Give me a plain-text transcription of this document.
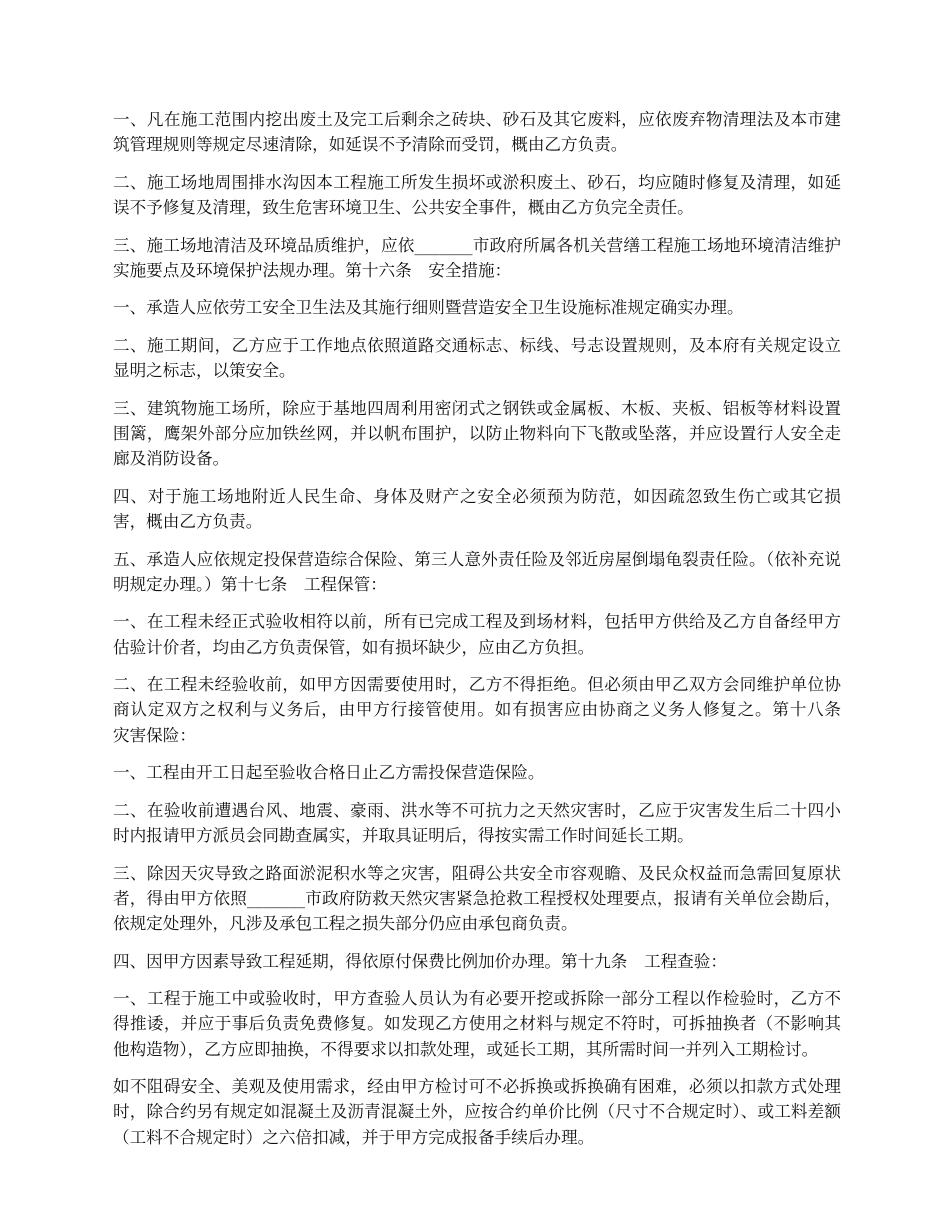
一、凡在施工范围内挖出废土及完工后剩余之砖块、砂石及其它废料，应依废弃物清理法及本市建筑管理规则等规定尽速清除，如延误不予清除而受罚，概由乙方负责。

二、施工场地周围排水沟因本工程施工所发生损坏或淤积废土、砂石，均应随时修复及清理，如延误不予修复及清理，致生危害环境卫生、公共安全事件，概由乙方负完全责任。

三、施工场地清洁及环境品质维护，应依_______市政府所属各机关营缮工程施工场地环境清洁维护实施要点及环境保护法规办理。第十六条　安全措施：

一、承造人应依劳工安全卫生法及其施行细则暨营造安全卫生设施标准规定确实办理。

二、施工期间，乙方应于工作地点依照道路交通标志、标线、号志设置规则，及本府有关规定设立显明之标志，以策安全。

三、建筑物施工场所，除应于基地四周利用密闭式之钢铁或金属板、木板、夹板、铝板等材料设置围篱，鹰架外部分应加铁丝网，并以帆布围护，以防止物料向下飞散或坠落，并应设置行人安全走廊及消防设备。

四、对于施工场地附近人民生命、身体及财产之安全必须预为防范，如因疏忽致生伤亡或其它损害，概由乙方负责。

五、承造人应依规定投保营造综合保险、第三人意外责任险及邻近房屋倒塌龟裂责任险。（依补充说明规定办理。）第十七条　工程保管：

一、在工程未经正式验收相符以前，所有已完成工程及到场材料，包括甲方供给及乙方自备经甲方估验计价者，均由乙方负责保管，如有损坏缺少，应由乙方负担。

二、在工程未经验收前，如甲方因需要使用时，乙方不得拒绝。但必须由甲乙双方会同维护单位协商认定双方之权利与义务后，由甲方行接管使用。如有损害应由协商之义务人修复之。第十八条　灾害保险：

一、工程由开工日起至验收合格日止乙方需投保营造保险。

二、在验收前遭遇台风、地震、豪雨、洪水等不可抗力之天然灾害时，乙应于灾害发生后二十四小时内报请甲方派员会同勘查属实，并取具证明后，得按实需工作时间延长工期。

三、除因天灾导致之路面淤泥积水等之灾害，阻碍公共安全市容观瞻、及民众权益而急需回复原状者，得由甲方依照_______市政府防救天然灾害紧急抢救工程授权处理要点，报请有关单位会勘后，依规定处理外，凡涉及承包工程之损失部分仍应由承包商负责。

四、因甲方因素导致工程延期，得依原付保费比例加价办理。第十九条　工程查验：

一、工程于施工中或验收时，甲方查验人员认为有必要开挖或拆除一部分工程以作检验时，乙方不得推诿，并应于事后负责免费修复。如发现乙方使用之材料与规定不符时，可拆抽换者（不影响其他构造物），乙方应即抽换，不得要求以扣款处理，或延长工期，其所需时间一并列入工期检讨。

如不阻碍安全、美观及使用需求，经由甲方检讨可不必拆换或拆换确有困难，必须以扣款方式处理时，除合约另有规定如混凝土及沥青混凝土外，应按合约单价比例（尺寸不合规定时）、或工料差额（工料不合规定时）之六倍扣减，并于甲方完成报备手续后办理。
